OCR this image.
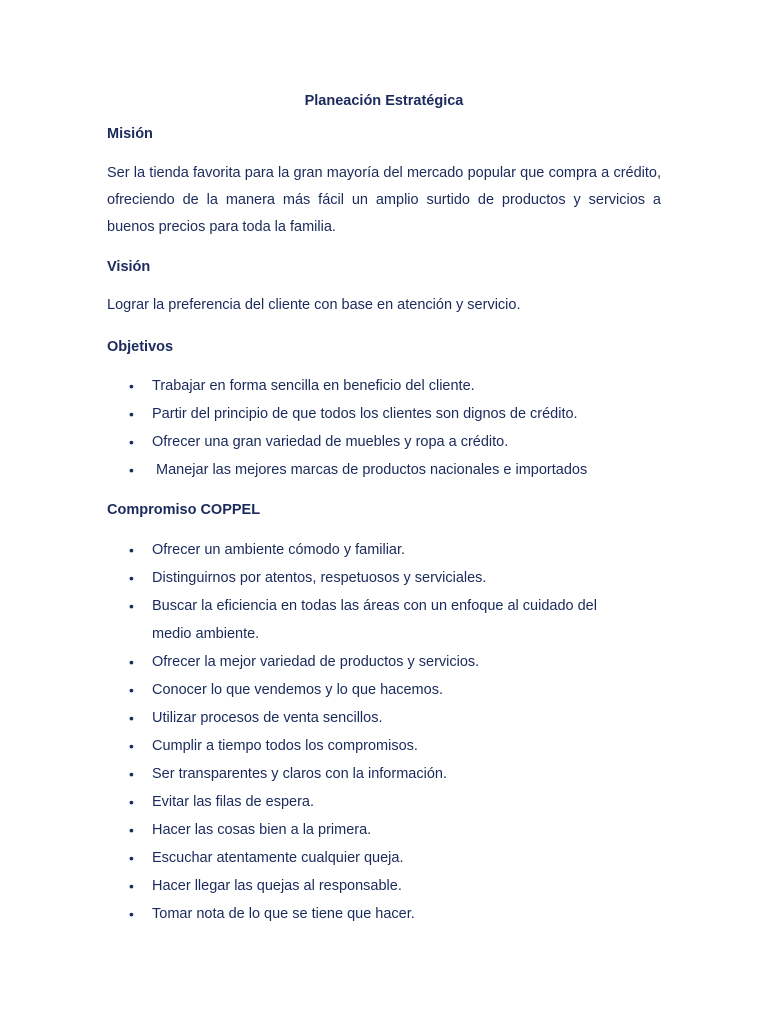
Planeación Estratégica
Misión
Ser la tienda favorita para la gran mayoría del mercado popular que compra a crédito, ofreciendo de la manera más fácil un amplio surtido de productos y servicios a buenos precios para toda la familia.
Visión
Lograr la preferencia del cliente con base en atención y servicio.
Objetivos
• Trabajar en forma sencilla en beneficio del cliente.
• Partir del principio de que todos los clientes son dignos de crédito.
• Ofrecer una gran variedad de muebles y ropa a crédito.
• Manejar las mejores marcas de productos nacionales e importados
Compromiso COPPEL
• Ofrecer un ambiente cómodo y familiar.
• Distinguirnos por atentos, respetuosos y serviciales.
• Buscar la eficiencia en todas las áreas con un enfoque al cuidado del medio ambiente.
• Ofrecer la mejor variedad de productos y servicios.
• Conocer lo que vendemos y lo que hacemos.
• Utilizar procesos de venta sencillos.
• Cumplir a tiempo todos los compromisos.
• Ser transparentes y claros con la información.
• Evitar las filas de espera.
• Hacer las cosas bien a la primera.
• Escuchar atentamente cualquier queja.
• Hacer llegar las quejas al responsable.
• Tomar nota de lo que se tiene que hacer.
